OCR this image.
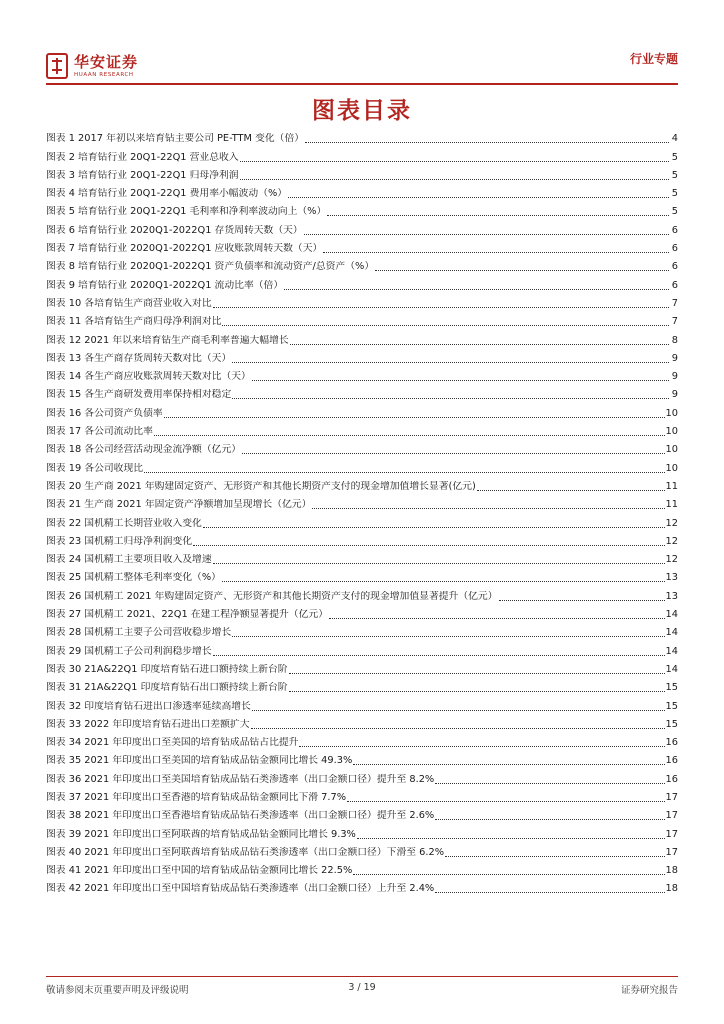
华安证券
HUAAN RESEARCH
行业专题
图表目录
图表 1 2017 年初以来培育钻主要公司 PE-TTM 变化（倍）	4
图表 2 培育钻行业 20Q1-22Q1 营业总收入	5
图表 3 培育钻行业 20Q1-22Q1 归母净利润	5
图表 4 培育钻行业 20Q1-22Q1 费用率小幅波动（%）	5
图表 5 培育钻行业 20Q1-22Q1 毛利率和净利率波动向上（%）	5
图表 6 培育钻行业 2020Q1-2022Q1 存货周转天数（天）	6
图表 7 培育钻行业 2020Q1-2022Q1 应收账款周转天数（天）	6
图表 8 培育钻行业 2020Q1-2022Q1 资产负债率和流动资产/总资产（%）	6
图表 9 培育钻行业 2020Q1-2022Q1 流动比率（倍）	6
图表 10 各培育钻生产商营业收入对比	7
图表 11 各培育钻生产商归母净利润对比	7
图表 12 2021 年以来培育钻生产商毛利率普遍大幅增长	8
图表 13 各生产商存货周转天数对比（天）	9
图表 14 各生产商应收账款周转天数对比（天）	9
图表 15 各生产商研发费用率保持相对稳定	9
图表 16 各公司资产负债率	10
图表 17 各公司流动比率	10
图表 18 各公司经营活动现金流净额（亿元）	10
图表 19 各公司收现比	10
图表 20 生产商 2021 年购建固定资产、无形资产和其他长期资产支付的现金增加值增长显著(亿元)	11
图表 21 生产商 2021 年固定资产净额增加呈现增长（亿元）	11
图表 22 国机精工长期营业收入变化	12
图表 23 国机精工归母净利润变化	12
图表 24 国机精工主要项目收入及增速	12
图表 25 国机精工整体毛利率变化（%）	13
图表 26 国机精工 2021 年购建固定资产、无形资产和其他长期资产支付的现金增加值显著提升（亿元）	13
图表 27 国机精工 2021、22Q1 在建工程净额显著提升（亿元）	14
图表 28 国机精工主要子公司营收稳步增长	14
图表 29 国机精工子公司利润稳步增长	14
图表 30 21A&22Q1 印度培育钻石进口额持续上新台阶	14
图表 31 21A&22Q1 印度培育钻石出口额持续上新台阶	15
图表 32 印度培育钻石进出口渗透率延续高增长	15
图表 33 2022 年印度培育钻石进出口差额扩大	15
图表 34 2021 年印度出口至美国的培育钻成品钻占比提升	16
图表 35 2021 年印度出口至美国的培育钻成品钻金额同比增长 49.3%	16
图表 36 2021 年印度出口至美国培育钻成品钻石类渗透率（出口金额口径）提升至 8.2%	16
图表 37 2021 年印度出口至香港的培育钻成品钻金额同比下滑 7.7%	17
图表 38 2021 年印度出口至香港培育钻成品钻石类渗透率（出口金额口径）提升至 2.6%	17
图表 39 2021 年印度出口至阿联酋的培育钻成品钻金额同比增长 9.3%	17
图表 40 2021 年印度出口至阿联酋培育钻成品钻石类渗透率（出口金额口径）下滑至 6.2%	17
图表 41 2021 年印度出口至中国的培育钻成品钻金额同比增长 22.5%	18
图表 42 2021 年印度出口至中国培育钻成品钻石类渗透率（出口金额口径）上升至 2.4%	18
敬请参阅末页重要声明及评级说明	3 / 19	证券研究报告
